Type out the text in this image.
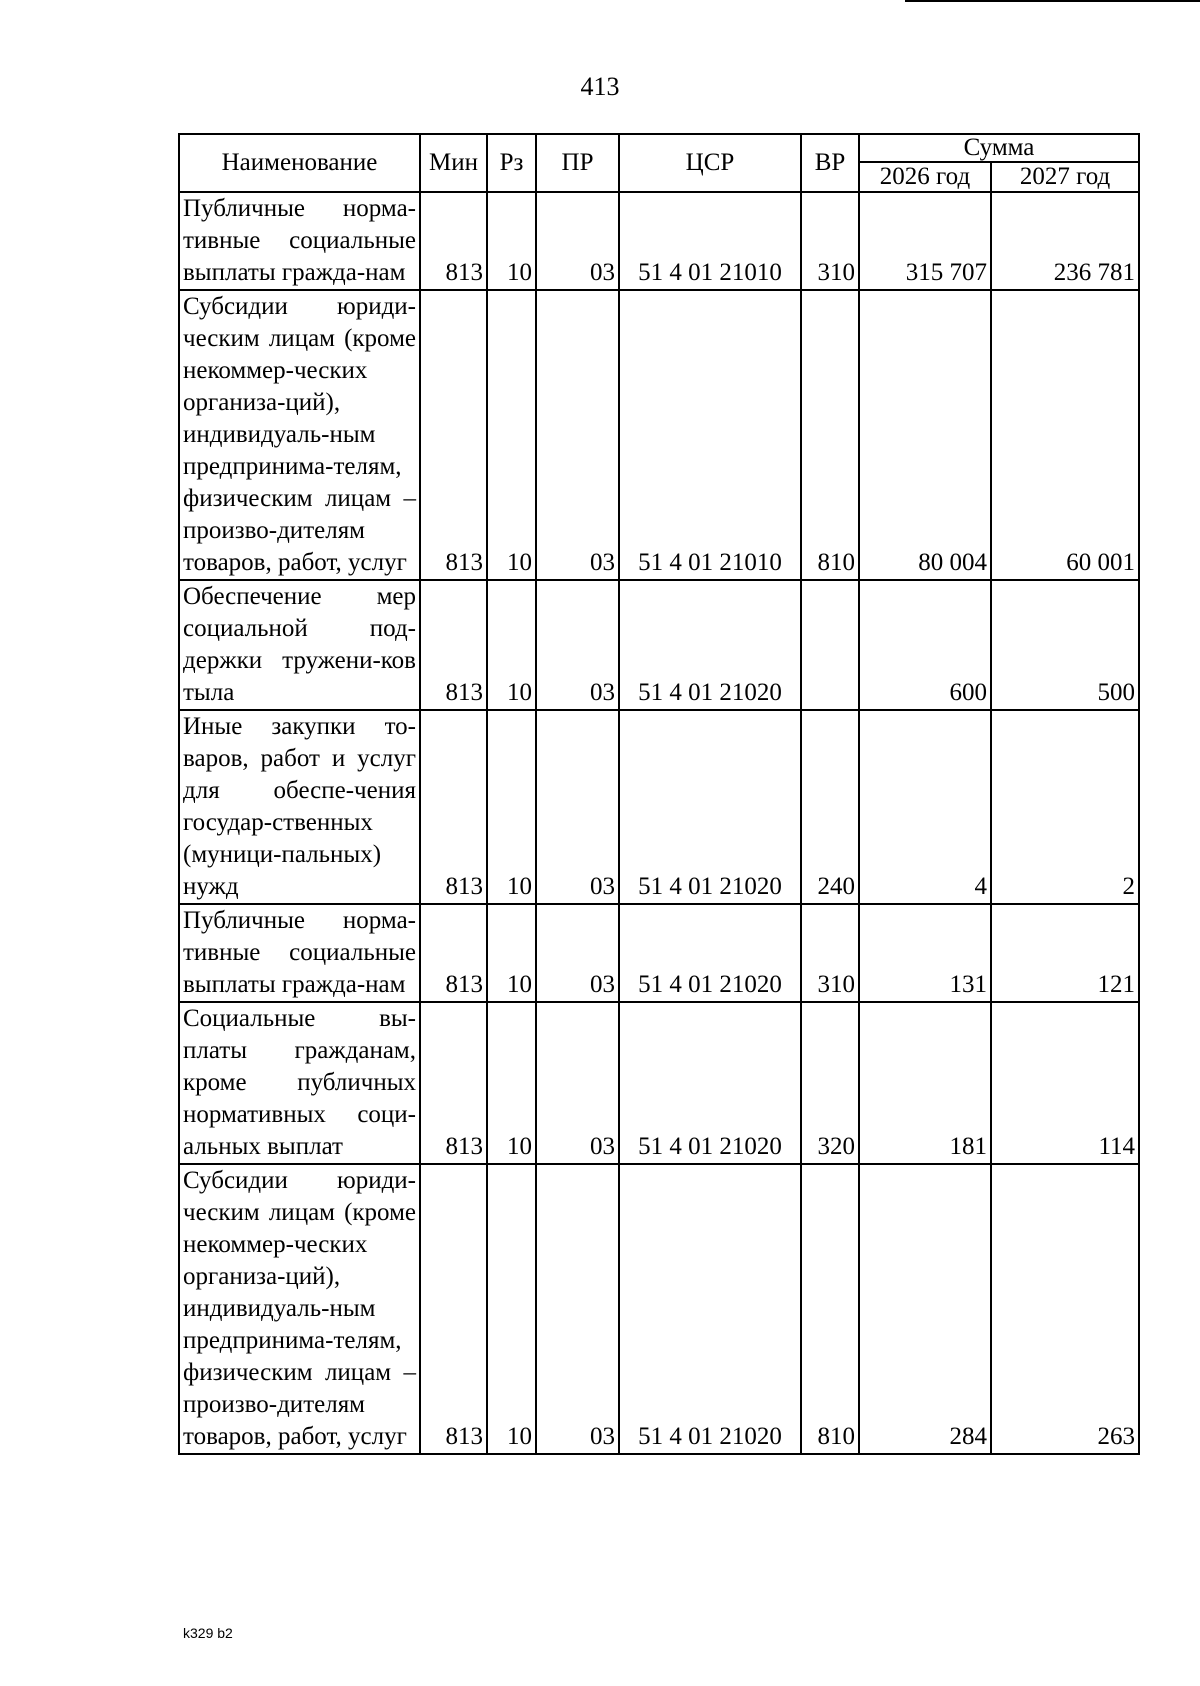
413
Наименование	Мин	Рз	ПР	ЦСР	ВР	Сумма	
						2026 год	2027 год
Публичные норма-тивные социальные выплаты гражда-нам	813	10	03	51 4 01 21010	310	315 707	236 781
Субсидии юриди-ческим лицам (кроме некоммер-ческих организа-ций), индивидуаль-ным предпринима-телям, физическим лицам – произво-дителям товаров, работ, услуг	813	10	03	51 4 01 21010	810	80 004	60 001
Обеспечение мер социальной под-держки тружени-ков тыла	813	10	03	51 4 01 21020		600	500
Иные закупки то-варов, работ и услуг для обеспе-чения государ-ственных (муници-пальных) нужд	813	10	03	51 4 01 21020	240	4	2
Публичные норма-тивные социальные выплаты гражда-нам	813	10	03	51 4 01 21020	310	131	121
Социальные вы-платы гражданам, кроме публичных нормативных соци-альных выплат	813	10	03	51 4 01 21020	320	181	114
Субсидии юриди-ческим лицам (кроме некоммер-ческих организа-ций), индивидуаль-ным предпринима-телям, физическим лицам – произво-дителям товаров, работ, услуг	813	10	03	51 4 01 21020	810	284	263
k329 b2
